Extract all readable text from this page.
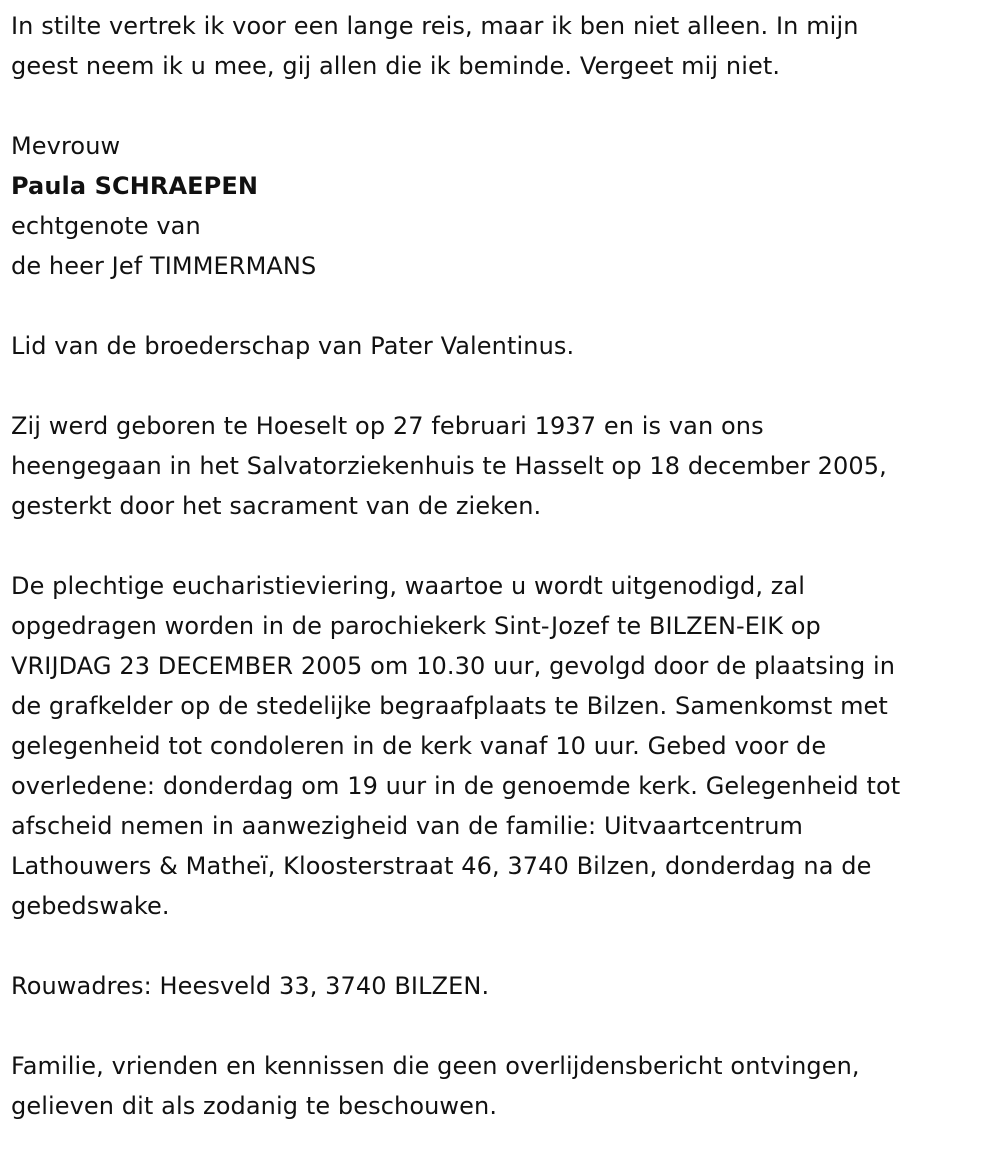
In stilte vertrek ik voor een lange reis, maar ik ben niet alleen. In mijn
geest neem ik u mee, gij allen die ik beminde. Vergeet mij niet.

Mevrouw

Paula SCHRAEPEN

echtgenote van

de heer Jef TIMMERMANS

Lid van de broederschap van Pater Valentinus.

Zij werd geboren te Hoeselt op 27 februari 1937 en is van ons
heengegaan in het Salvatorziekenhuis te Hasselt op 18 december 2005,
gesterkt door het sacrament van de zieken.

De plechtige eucharistieviering, waartoe u wordt uitgenodigd, zal
opgedragen worden in de parochiekerk Sint-Jozef te BILZEN-EIK op
VRIJDAG 23 DECEMBER 2005 om 10.30 uur, gevolgd door de plaatsing in
de grafkelder op de stedelijke begraafplaats te Bilzen. Samenkomst met
gelegenheid tot condoleren in de kerk vanaf 10 uur. Gebed voor de
overledene: donderdag om 19 uur in de genoemde kerk. Gelegenheid tot
afscheid nemen in aanwezigheid van de familie: Uitvaartcentrum
Lathouwers & Matheï, Kloosterstraat 46, 3740 Bilzen, donderdag na de
gebedswake.

Rouwadres: Heesveld 33, 3740 BILZEN.

Familie, vrienden en kennissen die geen overlijdensbericht ontvingen,
gelieven dit als zodanig te beschouwen.
